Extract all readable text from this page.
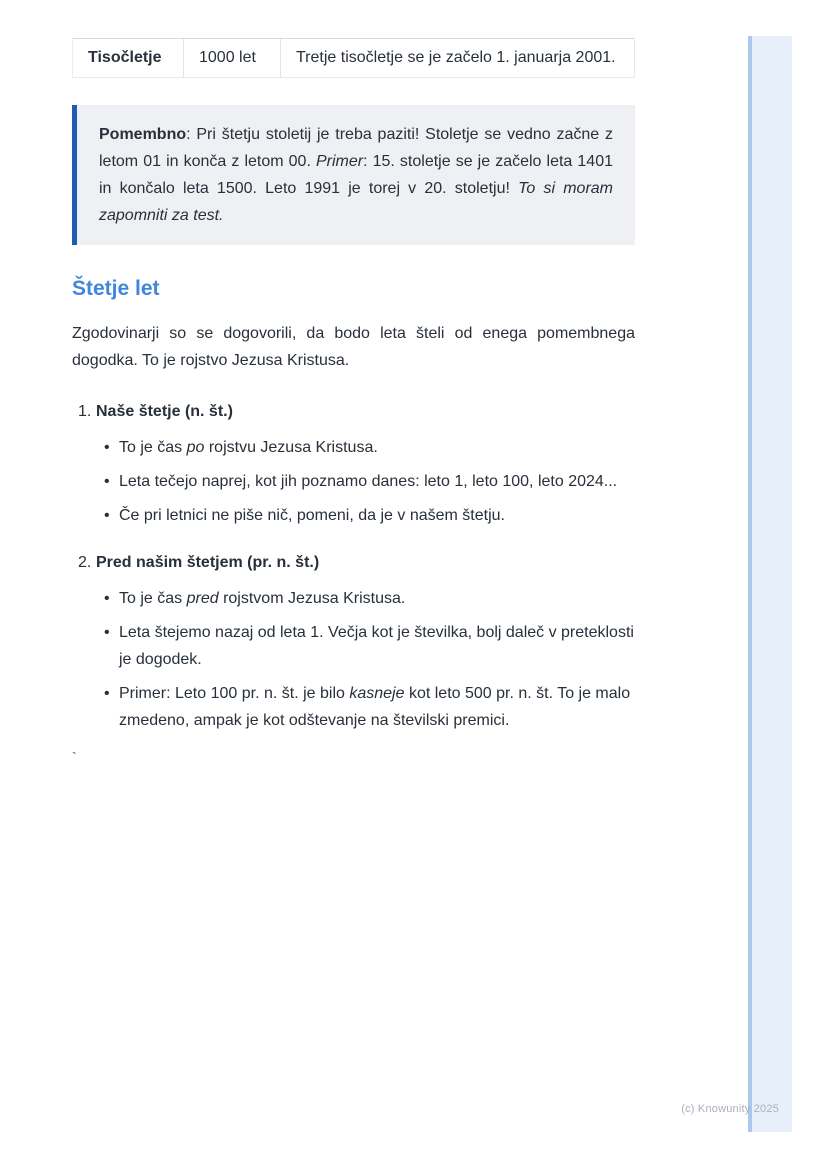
Tisočletje	1000 let	Tretje tisočletje se je začelo 1. januarja 2001.
Pomembno: Pri štetju stoletij je treba paziti! Stoletje se vedno začne z letom 01 in konča z letom 00. Primer: 15. stoletje se je začelo leta 1401 in končalo leta 1500. Leto 1991 je torej v 20. stoletju! To si moram zapomniti za test.
Štetje let

Zgodovinarji so se dogovorili, da bodo leta šteli od enega pomembnega dogodka. To je rojstvo Jezusa Kristusa.

1. Naše štetje (n. št.)
• To je čas po rojstvu Jezusa Kristusa.
• Leta tečejo naprej, kot jih poznamo danes: leto 1, leto 100, leto 2024...
• Če pri letnici ne piše nič, pomeni, da je v našem štetju.
2. Pred našim štetjem (pr. n. št.)
• To je čas pred rojstvom Jezusa Kristusa.
• Leta štejemo nazaj od leta 1. Večja kot je številka, bolj daleč v preteklosti je dogodek.
• Primer: Leto 100 pr. n. št. je bilo kasneje kot leto 500 pr. n. št. To je malo zmedeno, ampak je kot odštevanje na številski premici.

`

(c) Knowunity 2025
